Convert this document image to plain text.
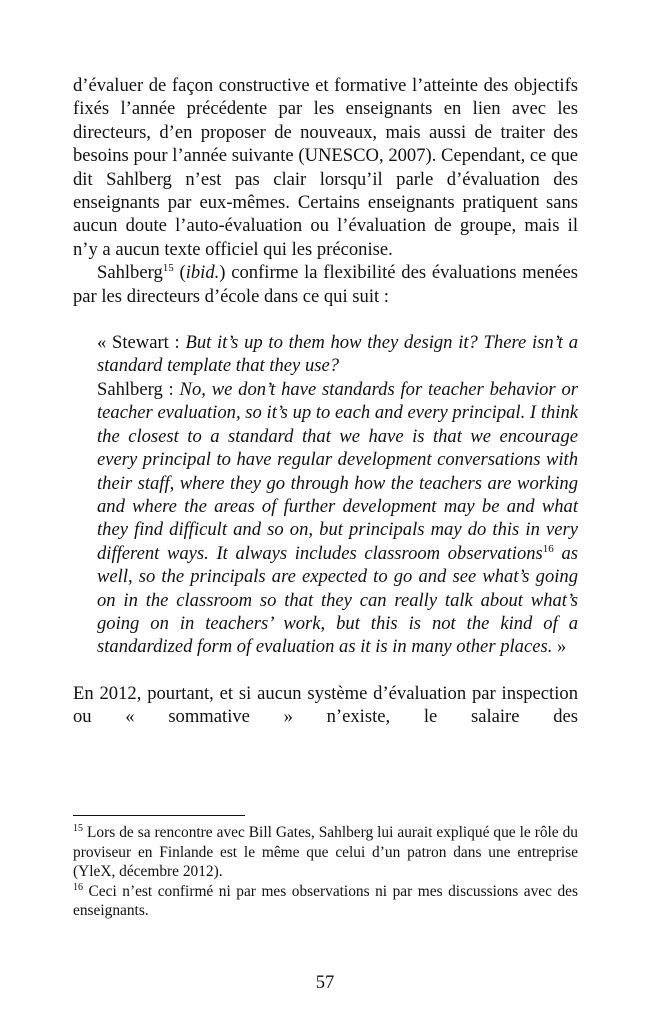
d’évaluer de façon constructive et formative l’atteinte des objectifs fixés l’année précédente par les enseignants en lien avec les directeurs, d’en proposer de nouveaux, mais aussi de traiter des besoins pour l’année suivante (UNESCO, 2007). Cependant, ce que dit Sahlberg n’est pas clair lorsqu’il parle d’évaluation des enseignants par eux-mêmes. Certains enseignants pratiquent sans aucun doute l’auto-évaluation ou l’évaluation de groupe, mais il n’y a aucun texte officiel qui les préconise.

Sahlberg$^{15}$ (ibid.) confirme la flexibilité des évaluations menées par les directeurs d’école dans ce qui suit :

« Stewart : But it’s up to them how they design it? There isn’t a standard template that they use?

Sahlberg : No, we don’t have standards for teacher behavior or teacher evaluation, so it’s up to each and every principal. I think the closest to a standard that we have is that we encourage every principal to have regular development conversations with their staff, where they go through how the teachers are working and where the areas of further development may be and what they find difficult and so on, but principals may do this in very different ways. It always includes classroom observations$^{16}$ as well, so the principals are expected to go and see what’s going on in the classroom so that they can really talk about what’s going on in teachers’ work, but this is not the kind of a standardized form of evaluation as it is in many other places. »

En 2012, pourtant, et si aucun système d’évaluation par inspection ou « sommative » n’existe, le salaire des

$^{15}$ Lors de sa rencontre avec Bill Gates, Sahlberg lui aurait expliqué que le rôle du proviseur en Finlande est le même que celui d’un patron dans une entreprise (YleX, décembre 2012).

$^{16}$ Ceci n’est confirmé ni par mes observations ni par mes discussions avec des enseignants.

57
